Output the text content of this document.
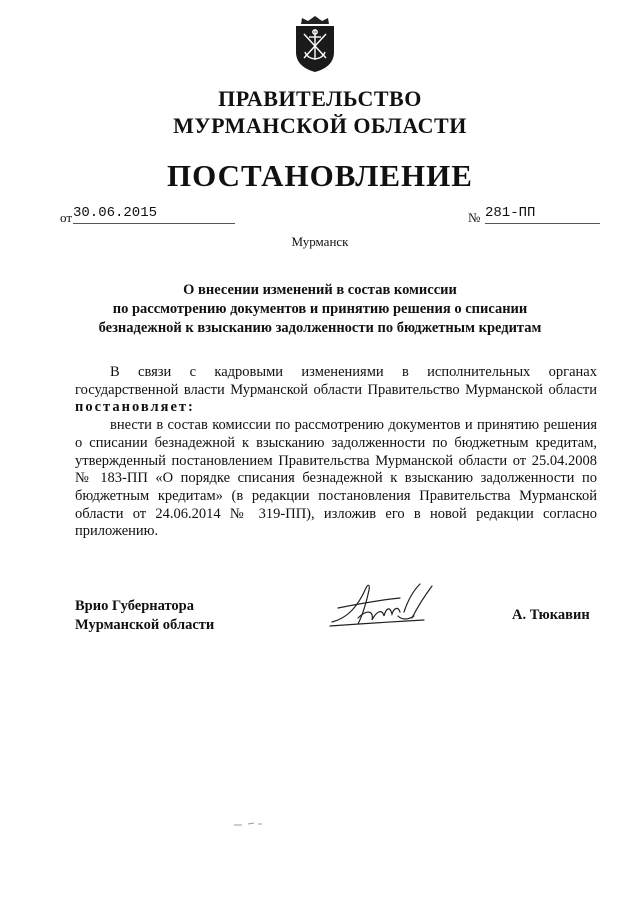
ПРАВИТЕЛЬСТВО
МУРМАНСКОЙ ОБЛАСТИ
ПОСТАНОВЛЕНИЕ
от 30.06.2015	№ 281-ПП
Мурманск
О внесении изменений в состав комиссии
по рассмотрению документов и принятию решения о списании
безнадежной к взысканию задолженности по бюджетным кредитам

В связи с кадровыми изменениями в исполнительных органах государственной власти Мурманской области Правительство Мурманской области постановляет:

внести в состав комиссии по рассмотрению документов и принятию решения о списании безнадежной к взысканию задолженности по бюджетным кредитам, утвержденный постановлением Правительства Мурманской области от 25.04.2008 № 183-ПП «О порядке списания безнадежной к взысканию задолженности по бюджетным кредитам» (в редакции постановления Правительства Мурманской области от 24.06.2014 № 319-ПП), изложив его в новой редакции согласно приложению.

Врио Губернатора
Мурманской области
А. Тюкавин
